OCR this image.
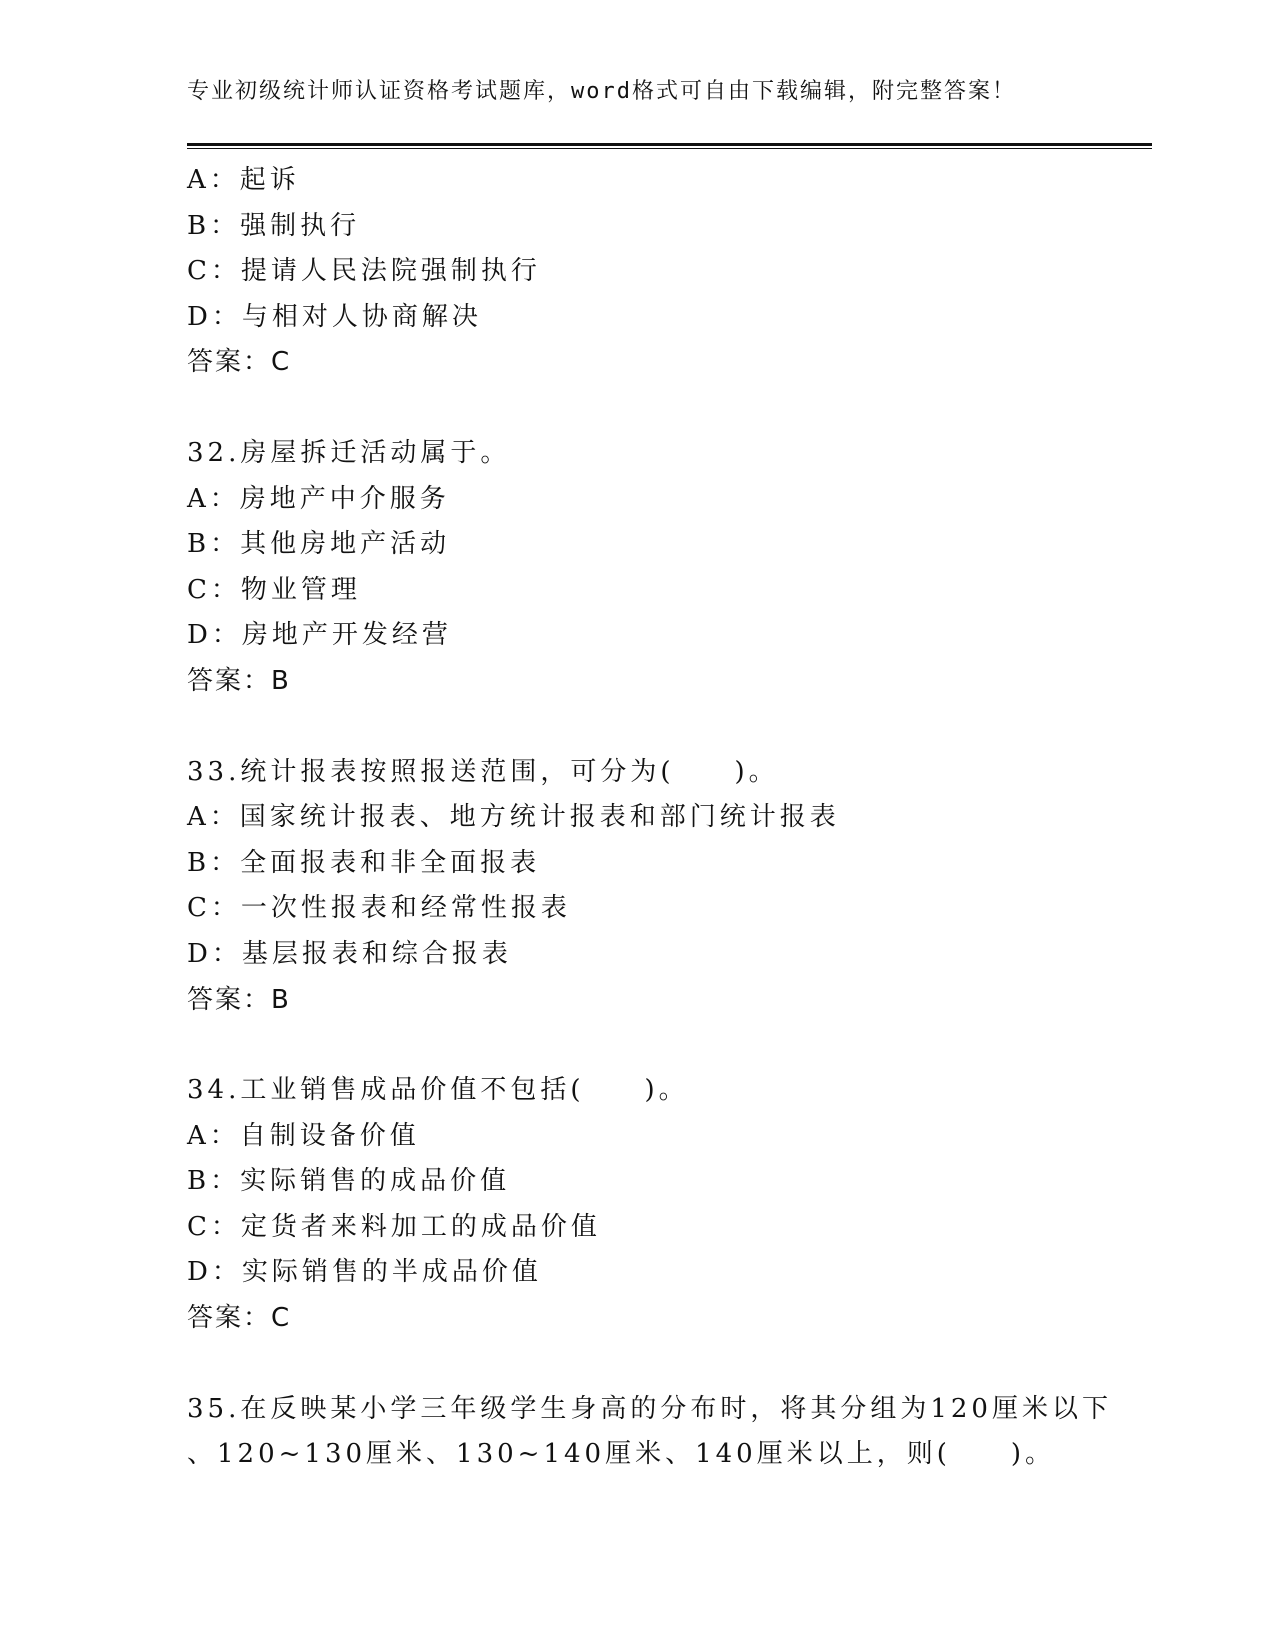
专业初级统计师认证资格考试题库，word格式可自由下载编辑，附完整答案！
A：起诉
B：强制执行
C：提请人民法院强制执行
D：与相对人协商解决
答案：C
32.房屋拆迁活动属于。
A：房地产中介服务
B：其他房地产活动
C：物业管理
D：房地产开发经营
答案：B
33.统计报表按照报送范围，可分为(　　)。
A：国家统计报表、地方统计报表和部门统计报表
B：全面报表和非全面报表
C：一次性报表和经常性报表
D：基层报表和综合报表
答案：B
34.工业销售成品价值不包括(　　)。
A：自制设备价值
B：实际销售的成品价值
C：定货者来料加工的成品价值
D：实际销售的半成品价值
答案：C
35.在反映某小学三年级学生身高的分布时，将其分组为120厘米以下
、120~130厘米、130~140厘米、140厘米以上，则(　　)。
